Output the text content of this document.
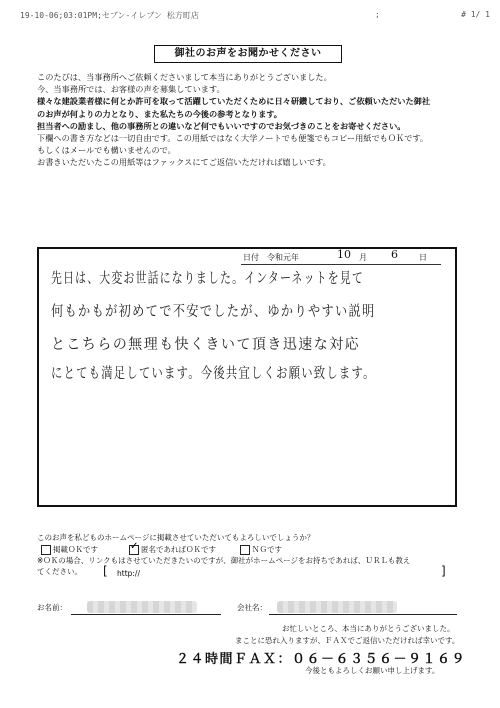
19-10-06;03:01PM;セブン-イレブン 松方町店	;	# 1/ 1
御社のお声をお聞かせください
このたびは、当事務所へご依頼くださいまして本当にありがとうございました。
今、当事務所では、お客様の声を募集しています。
様々な建設業者様に何とか許可を取って活躍していただくために日々研鑽しており、ご依頼いただいた御社
のお声が何よりの力となり、また私たちの今後の参考となります。
担当者への励まし、他の事務所との違いなど何でもいいですのでお気づきのことをお寄せください。
下欄への書き方などは一切自由です。この用紙ではなく大学ノートでも便箋でもコピー用紙でもＯＫです。
もしくはメールでも構いませんので。
お書きいただいたこの用紙等はファックスにてご返信いただければ嬉しいです。
日付 令和元年	10 月 6	日
先日は、大変お世話になりました。インターネットを見て
何もかもが初めてで不安でしたが、ゆかりやすい説明
とこちらの無理も快くきいて頂き迅速な対応
にとても満足しています。今後共宜しくお願い致します。
このお声を私どものホームページに掲載させていただいてもよろしいでしょうか？
掲載ＯＫです
✓	匿名であればＯＫです	ＮＧです
※ＯＫの場合、リンクもはさせていただきたいのですが、御社がホームページをお持ちであれば、ＵＲＬも教え
てください。 [ http://	]
お名前：	会社名：
お忙しいところ、本当にありがとうございました。
まことに恐れ入りますが、ＦＡＸでご返信いただければ幸いです。
２４時間ＦＡＸ：０６－６３５６－９１６９
今後ともよろしくお願い申し上げます。
